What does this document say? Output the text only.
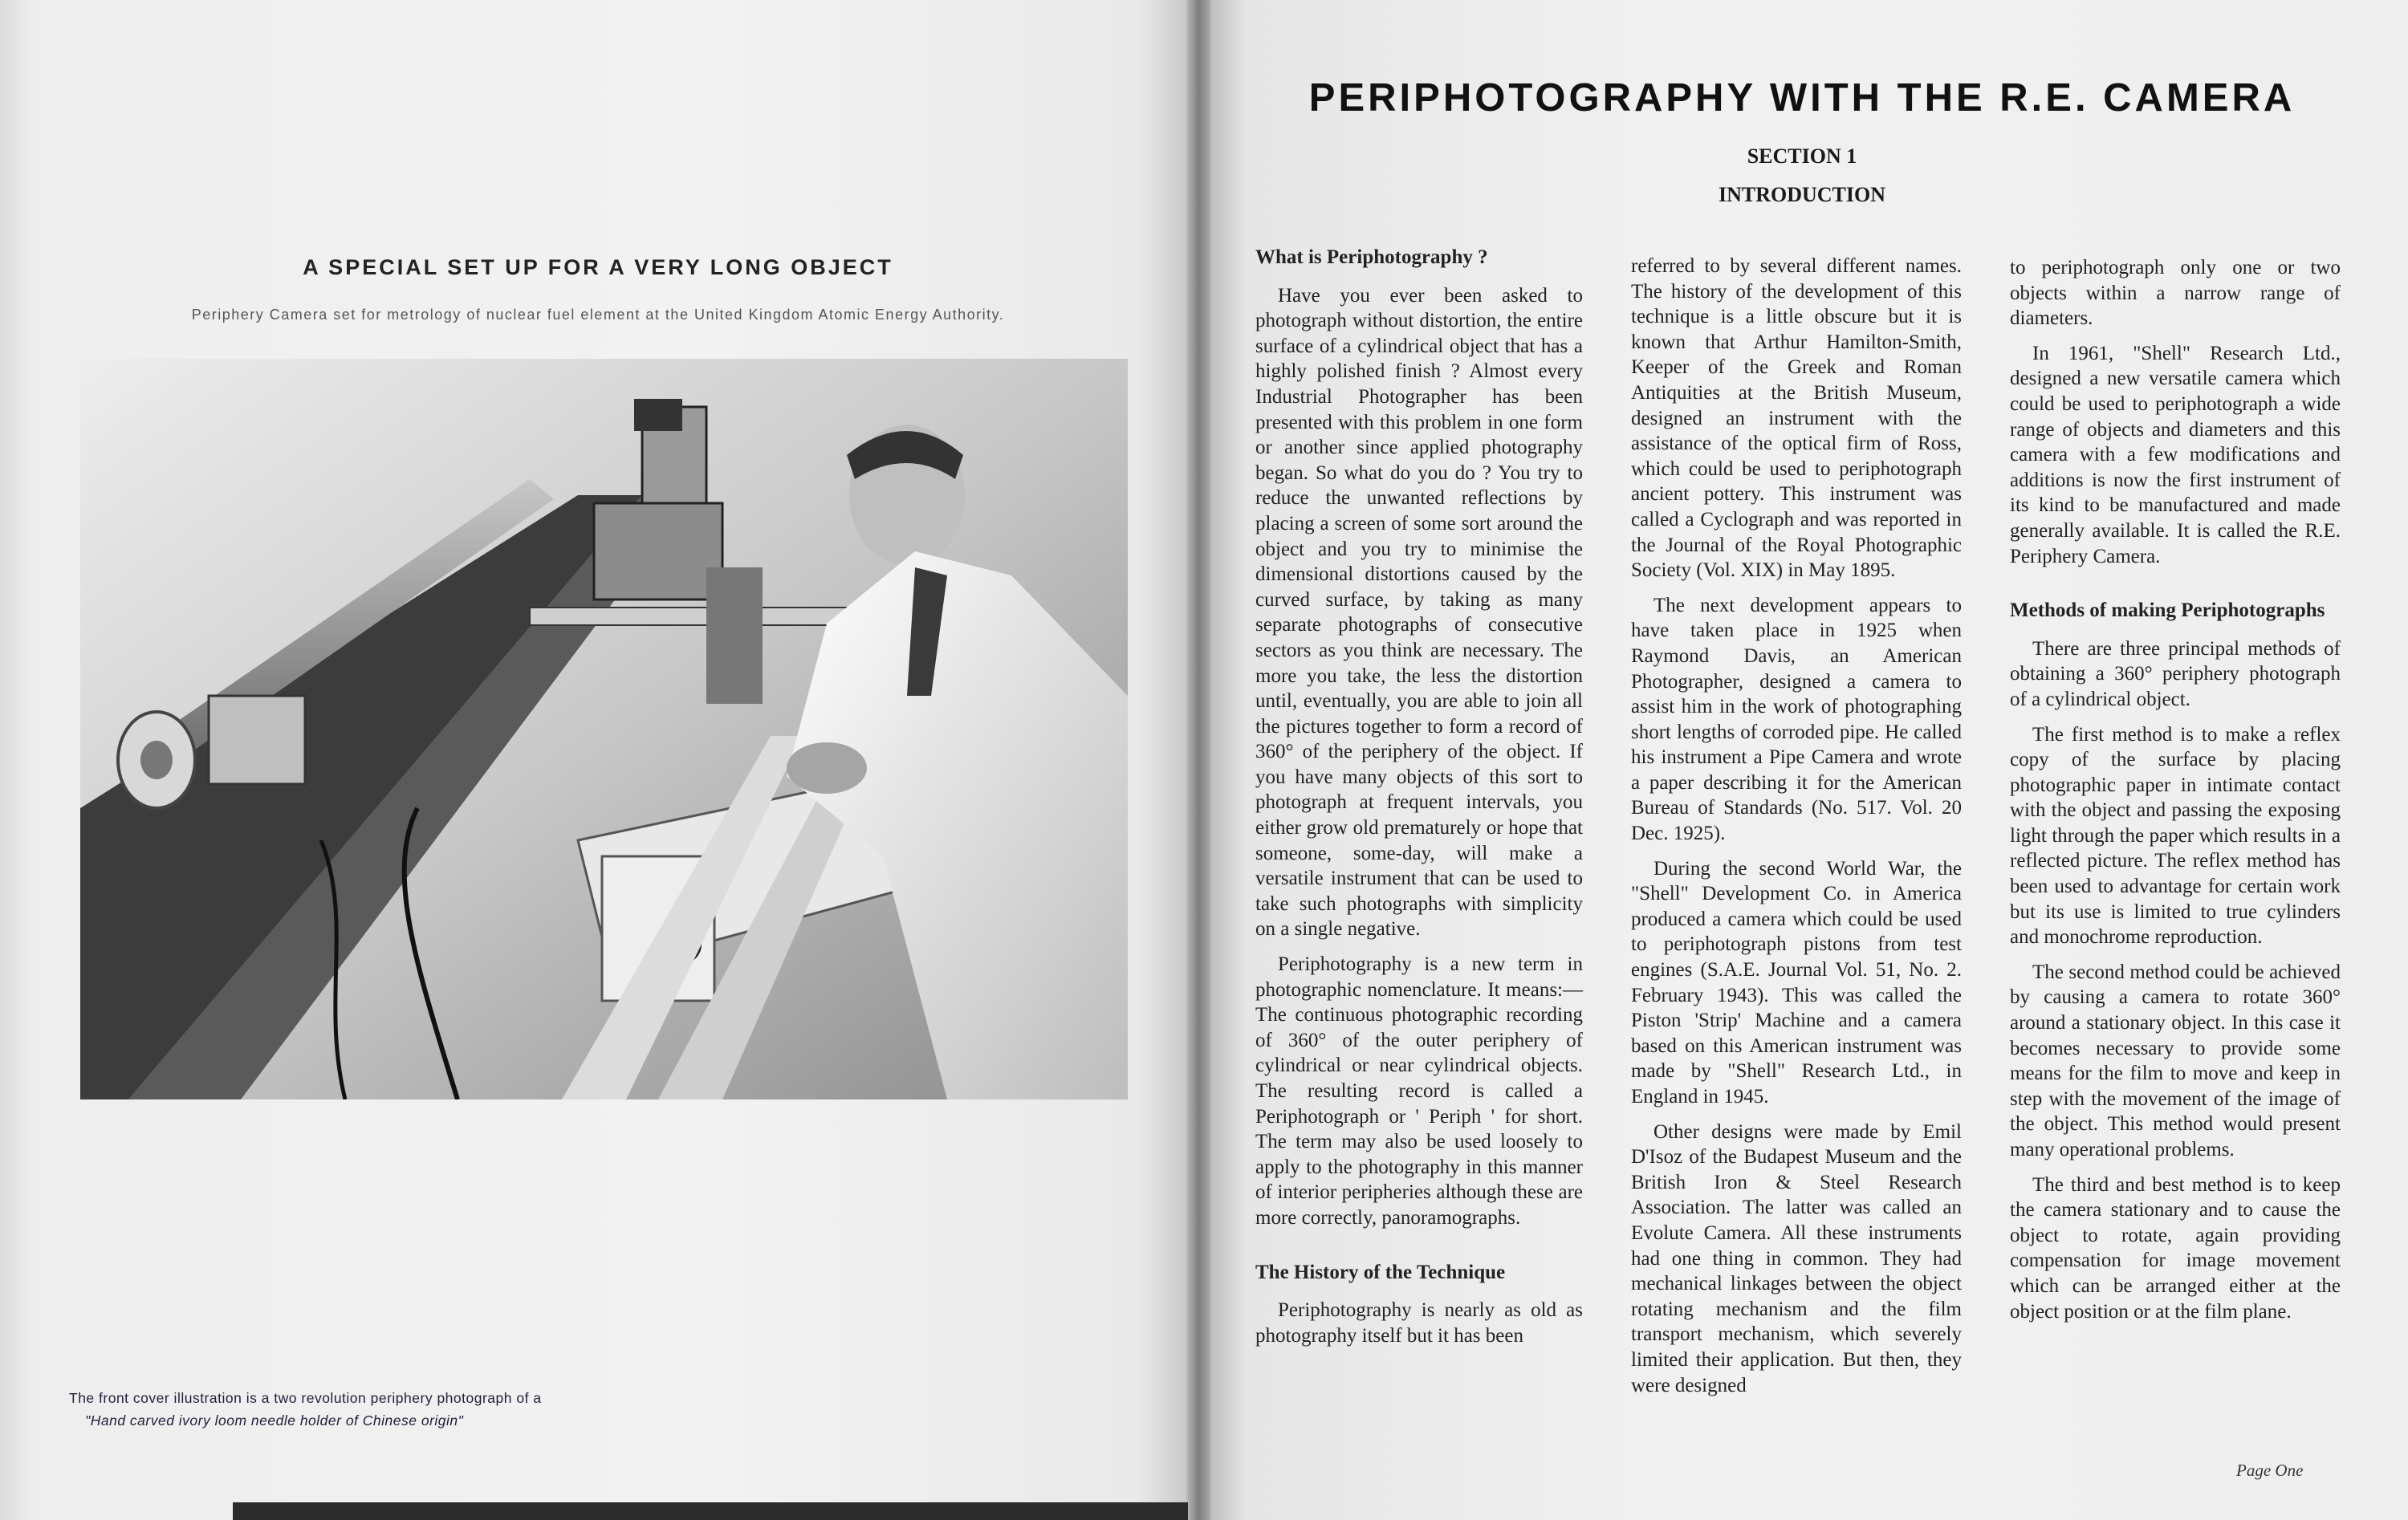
A SPECIAL SET UP FOR A VERY LONG OBJECT
Periphery Camera set for metrology of nuclear fuel element at the United Kingdom Atomic Energy Authority.
The front cover illustration is a two revolution periphery photograph of a
"Hand carved ivory loom needle holder of Chinese origin"
PERIPHOTOGRAPHY WITH THE R.E. CAMERA
SECTION 1
INTRODUCTION
What is Periphotography ?

Have you ever been asked to photograph without distortion, the entire surface of a cylindrical object that has a highly polished finish ? Almost every Industrial Photographer has been presented with this problem in one form or another since applied photography began. So what do you do ? You try to reduce the unwanted reflections by placing a screen of some sort around the object and you try to minimise the dimensional distortions caused by the curved surface, by taking as many separate photographs of consecutive sectors as you think are necessary. The more you take, the less the distortion until, eventually, you are able to join all the pictures together to form a record of 360° of the periphery of the object. If you have many objects of this sort to photograph at frequent intervals, you either grow old prematurely or hope that someone, some-day, will make a versatile instrument that can be used to take such photographs with simplicity on a single negative.

Periphotography is a new term in photographic nomenclature. It means:—The continuous photographic recording of 360° of the outer periphery of cylindrical or near cylindrical objects. The resulting record is called a Periphotograph or ' Periph ' for short. The term may also be used loosely to apply to the photography in this manner of interior peripheries although these are more correctly, panoramographs.

The History of the Technique

Periphotography is nearly as old as photography itself but it has been

referred to by several different names. The history of the development of this technique is a little obscure but it is known that Arthur Hamilton-Smith, Keeper of the Greek and Roman Antiquities at the British Museum, designed an instrument with the assistance of the optical firm of Ross, which could be used to periphotograph ancient pottery. This instrument was called a Cyclograph and was reported in the Journal of the Royal Photographic Society (Vol. XIX) in May 1895.

The next development appears to have taken place in 1925 when Raymond Davis, an American Photographer, designed a camera to assist him in the work of photographing short lengths of corroded pipe. He called his instrument a Pipe Camera and wrote a paper describing it for the American Bureau of Standards (No. 517. Vol. 20 Dec. 1925).

During the second World War, the "Shell" Development Co. in America produced a camera which could be used to periphotograph pistons from test engines (S.A.E. Journal Vol. 51, No. 2. February 1943). This was called the Piston 'Strip' Machine and a camera based on this American instrument was made by "Shell" Research Ltd., in England in 1945.

Other designs were made by Emil D'Isoz of the Budapest Museum and the British Iron & Steel Research Association. The latter was called an Evolute Camera. All these instruments had one thing in common. They had mechanical linkages between the object rotating mechanism and the film transport mechanism, which severely limited their application. But then, they were designed

to periphotograph only one or two objects within a narrow range of diameters.

In 1961, "Shell" Research Ltd., designed a new versatile camera which could be used to periphotograph a wide range of objects and diameters and this camera with a few modifications and additions is now the first instrument of its kind to be manufactured and made generally available. It is called the R.E. Periphery Camera.

Methods of making Periphotographs

There are three principal methods of obtaining a 360° periphery photograph of a cylindrical object.

The first method is to make a reflex copy of the surface by placing photographic paper in intimate contact with the object and passing the exposing light through the paper which results in a reflected picture. The reflex method has been used to advantage for certain work but its use is limited to true cylinders and monochrome reproduction.

The second method could be achieved by causing a camera to rotate 360° around a stationary object. In this case it becomes necessary to provide some means for the film to move and keep in step with the movement of the image of the object. This method would present many operational problems.

The third and best method is to keep the camera stationary and to cause the object to rotate, again providing compensation for image movement which can be arranged either at the object position or at the film plane.

Page One
